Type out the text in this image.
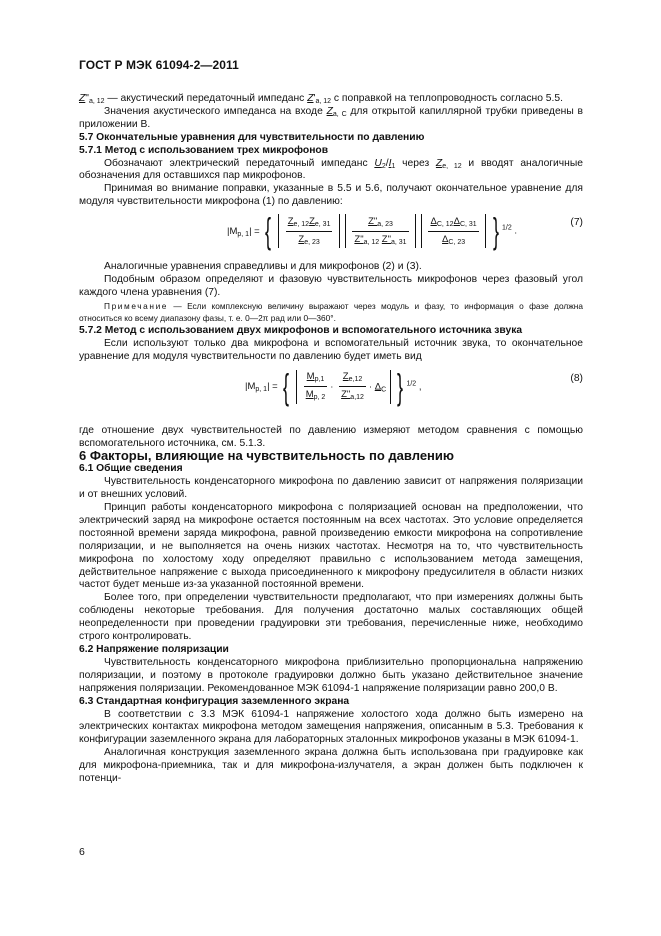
ГОСТ Р МЭК 61094-2—2011

$Z"_{a, 12}$ — акустический передаточный импеданс $Z'_{a, 12}$ с поправкой на теплопроводность согласно 5.5.

Значения акустического импеданса на входе $Z_{a, C}$ для открытой капиллярной трубки приведены в приложении В.

5.7 Окончательные уравнения для чувствительности по давлению

5.7.1 Метод с использованием трех микрофонов

Обозначают электрический передаточный импеданс $U_2/I_1$ через $Z_{e, 12}$ и вводят аналогичные обозначения для оставшихся пар микрофонов.

Принимая во внимание поправки, указанные в 5.5 и 5.6, получают окончательное уравнение для модуля чувствительности микрофона (1) по давлению:

$|M_{p, 1}|$ = { $\frac{Z_{e, 12}Z_{e, 31}}{Z_{e, 23}}$
$\frac{Z"_{a, 23}}{Z"_{a, 12} Z"_{a, 31}}$
$\frac{\Delta_{C, 12}\Delta_{C, 31}}{\Delta_{C, 23}}$ } $^{1/2}$ .
(7)

Аналогичные уравнения справедливы и для микрофонов (2) и (3).

Подобным образом определяют и фазовую чувствительность микрофонов через фазовый угол каждого члена уравнения (7).

Примечание — Если комплексную величину выражают через модуль и фазу, то информация о фазе должна относиться ко всему диапазону фазы, т. е. 0—2π рад или 0—360°.

5.7.2 Метод с использованием двух микрофонов и вспомогательного источника звука

Если используют только два микрофона и вспомогательный источник звука, то окончательное уравнение для модуля чувствительности по давлению будет иметь вид

$|M_{p, 1}|$ = { $\frac{M_{p,1}}{M_{p, 2}} \cdot \frac{Z_{e,12}}{Z"_{a,12}} \cdot \Delta_C$ } $^{1/2}$ ,
(8)

где отношение двух чувствительностей по давлению измеряют методом сравнения с помощью вспомогательного источника, см. 5.1.3.

6 Факторы, влияющие на чувствительность по давлению

6.1 Общие сведения

Чувствительность конденсаторного микрофона по давлению зависит от напряжения поляризации и от внешних условий.

Принцип работы конденсаторного микрофона с поляризацией основан на предположении, что электрический заряд на микрофоне остается постоянным на всех частотах. Это условие определяется постоянной времени заряда микрофона, равной произведению емкости микрофона на сопротивление поляризации, и не выполняется на очень низких частотах. Несмотря на то, что чувствительность микрофона по холостому ходу определяют правильно с использованием метода замещения, действительное напряжение с выхода присоединенного к микрофону предусилителя в области низких частот будет меньше из-за указанной постоянной времени.

Более того, при определении чувствительности предполагают, что при измерениях должны быть соблюдены некоторые требования. Для получения достаточно малых составляющих общей неопределенности при проведении градуировки эти требования, перечисленные ниже, необходимо строго контролировать.

6.2 Напряжение поляризации

Чувствительность конденсаторного микрофона приблизительно пропорциональна напряжению поляризации, и поэтому в протоколе градуировки должно быть указано действительное значение напряжения поляризации. Рекомендованное МЭК 61094-1 напряжение поляризации равно 200,0 В.

6.3 Стандартная конфигурация заземленного экрана

В соответствии с 3.3 МЭК 61094-1 напряжение холостого хода должно быть измерено на электрических контактах микрофона методом замещения напряжения, описанным в 5.3. Требования к конфигурации заземленного экрана для лабораторных эталонных микрофонов указаны в МЭК 61094-1.

Аналогичная конструкция заземленного экрана должна быть использована при градуировке как для микрофона-приемника, так и для микрофона-излучателя, а экран должен быть подключен к потенци-

6
